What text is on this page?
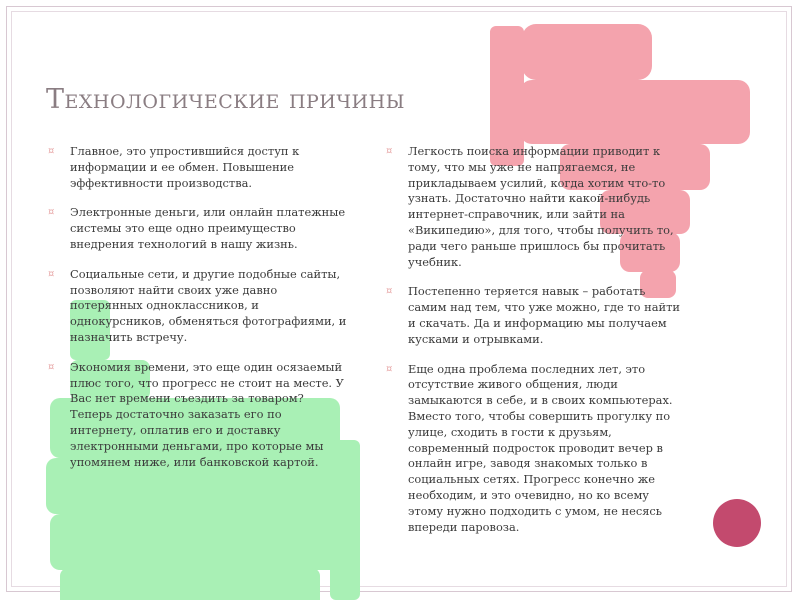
Технологические причины

¤ Главное, это упростившийся доступ к информации и ее обмен. Повышение эффективности производства.

¤ Электронные деньги, или онлайн платежные системы это еще одно преимущество внедрения технологий в нашу жизнь.

¤ Социальные сети, и другие подобные сайты, позволяют найти своих уже давно потерянных одноклассников, и однокурсников, обменяться фотографиями, и назначить встречу.

¤ Экономия времени, это еще один осязаемый плюс того, что прогресс не стоит на месте. У Вас нет времени съездить за товаром? Теперь достаточно заказать его по интернету, оплатив его и доставку электронными деньгами, про которые мы упомянем ниже, или банковской картой.

¤ Легкость поиска информации приводит к тому, что мы уже не напрягаемся, не прикладываем усилий, когда хотим что-то узнать. Достаточно найти какой-нибудь интернет-справочник, или зайти на «Википедию», для того, чтобы получить то, ради чего раньше пришлось бы прочитать учебник.

¤ Постепенно теряется навык – работать самим над тем, что уже можно, где то найти и скачать. Да и информацию мы получаем кусками и отрывками.

¤ Еще одна проблема последних лет, это отсутствие живого общения, люди замыкаются в себе, и в своих компьютерах. Вместо того, чтобы совершить прогулку по улице, сходить в гости к друзьям, современный подросток проводит вечер в онлайн игре, заводя знакомых только в социальных сетях. Прогресс конечно же необходим, и это очевидно, но ко всему этому нужно подходить с умом, не несясь впереди паровоза.
